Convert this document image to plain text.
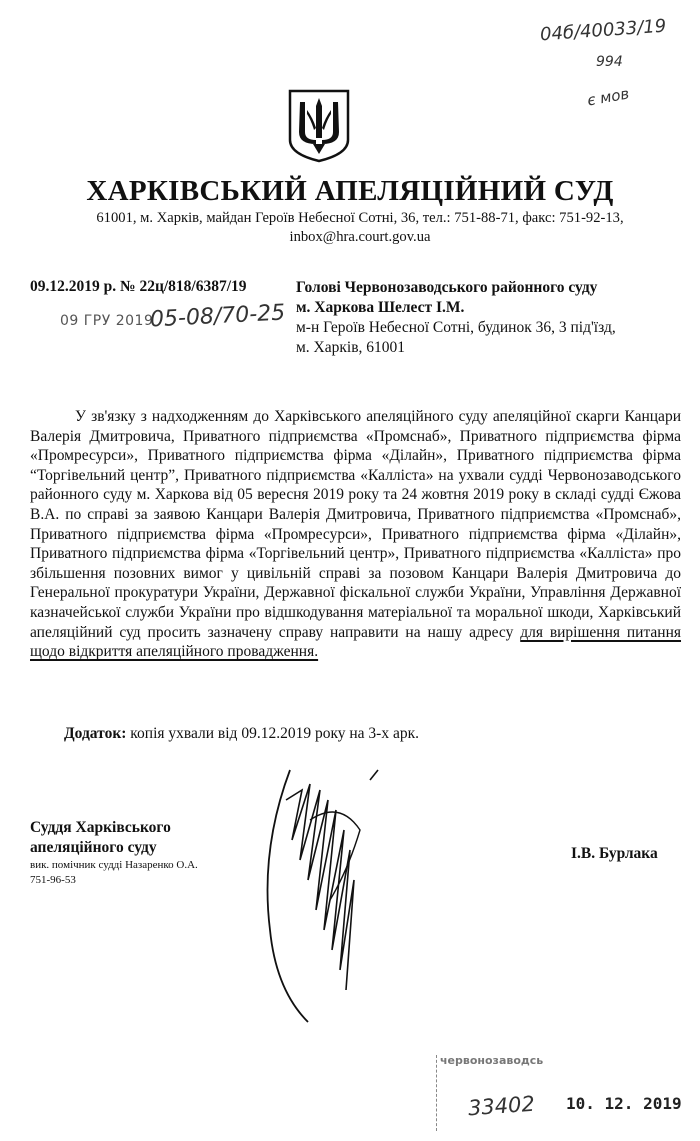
04б/40033/19
994
є мов
ХАРКІВСЬКИЙ АПЕЛЯЦІЙНИЙ СУД
61001, м. Харків, майдан Героїв Небесної Сотні, 36, тел.: 751-88-71, факс: 751-92-13,
inbox@hra.court.gov.ua
09.12.2019 р. № 22ц/818/6387/19
09 ГРУ 2019
05-08/70-25
Голові Червонозаводського районного суду
м. Харкова Шелест І.М.
м-н Героїв Небесної Сотні, будинок 36, 3 під'їзд,
м. Харків, 61001
У зв'язку з надходженням до Харківського апеляційного суду апеляційної скарги Канцари Валерія Дмитровича, Приватного підприємства «Промснаб», Приватного підприємства фірма «Промресурси», Приватного підприємства фірма «Ділайн», Приватного підприємства фірма “Торгівельний центр”, Приватного підприємства «Каллiста» на ухвали судді Червонозаводського районного суду м. Харкова від 05 вересня 2019 року та 24 жовтня 2019 року в складі судді Єжова В.А. по справі за заявою Канцари Валерія Дмитровича, Приватного підприємства «Промснаб», Приватного підприємства фірма «Промресурси», Приватного підприємства фірма «Ділайн», Приватного підприємства фірма «Торгівельний центр», Приватного підприємства «Каллiста» про збільшення позовних вимог у цивільній справі за позовом Канцари Валерія Дмитровича до Генеральної прокуратури України, Державної фіскальної служби України, Управління Державної казначейської служби України про відшкодування матеріальної та моральної шкоди, Харківський апеляційний суд просить зазначену справу направити на нашу адресу для вирішення питання щодо відкриття апеляційного провадження.
Додаток: копія ухвали від 09.12.2019 року на 3-х арк.
Суддя Харківського
апеляційного суду
вик. помічник судді Назаренко О.А.
751-96-53
І.В. Бурлака
червонозаводсь
33402 10. 12. 2019
